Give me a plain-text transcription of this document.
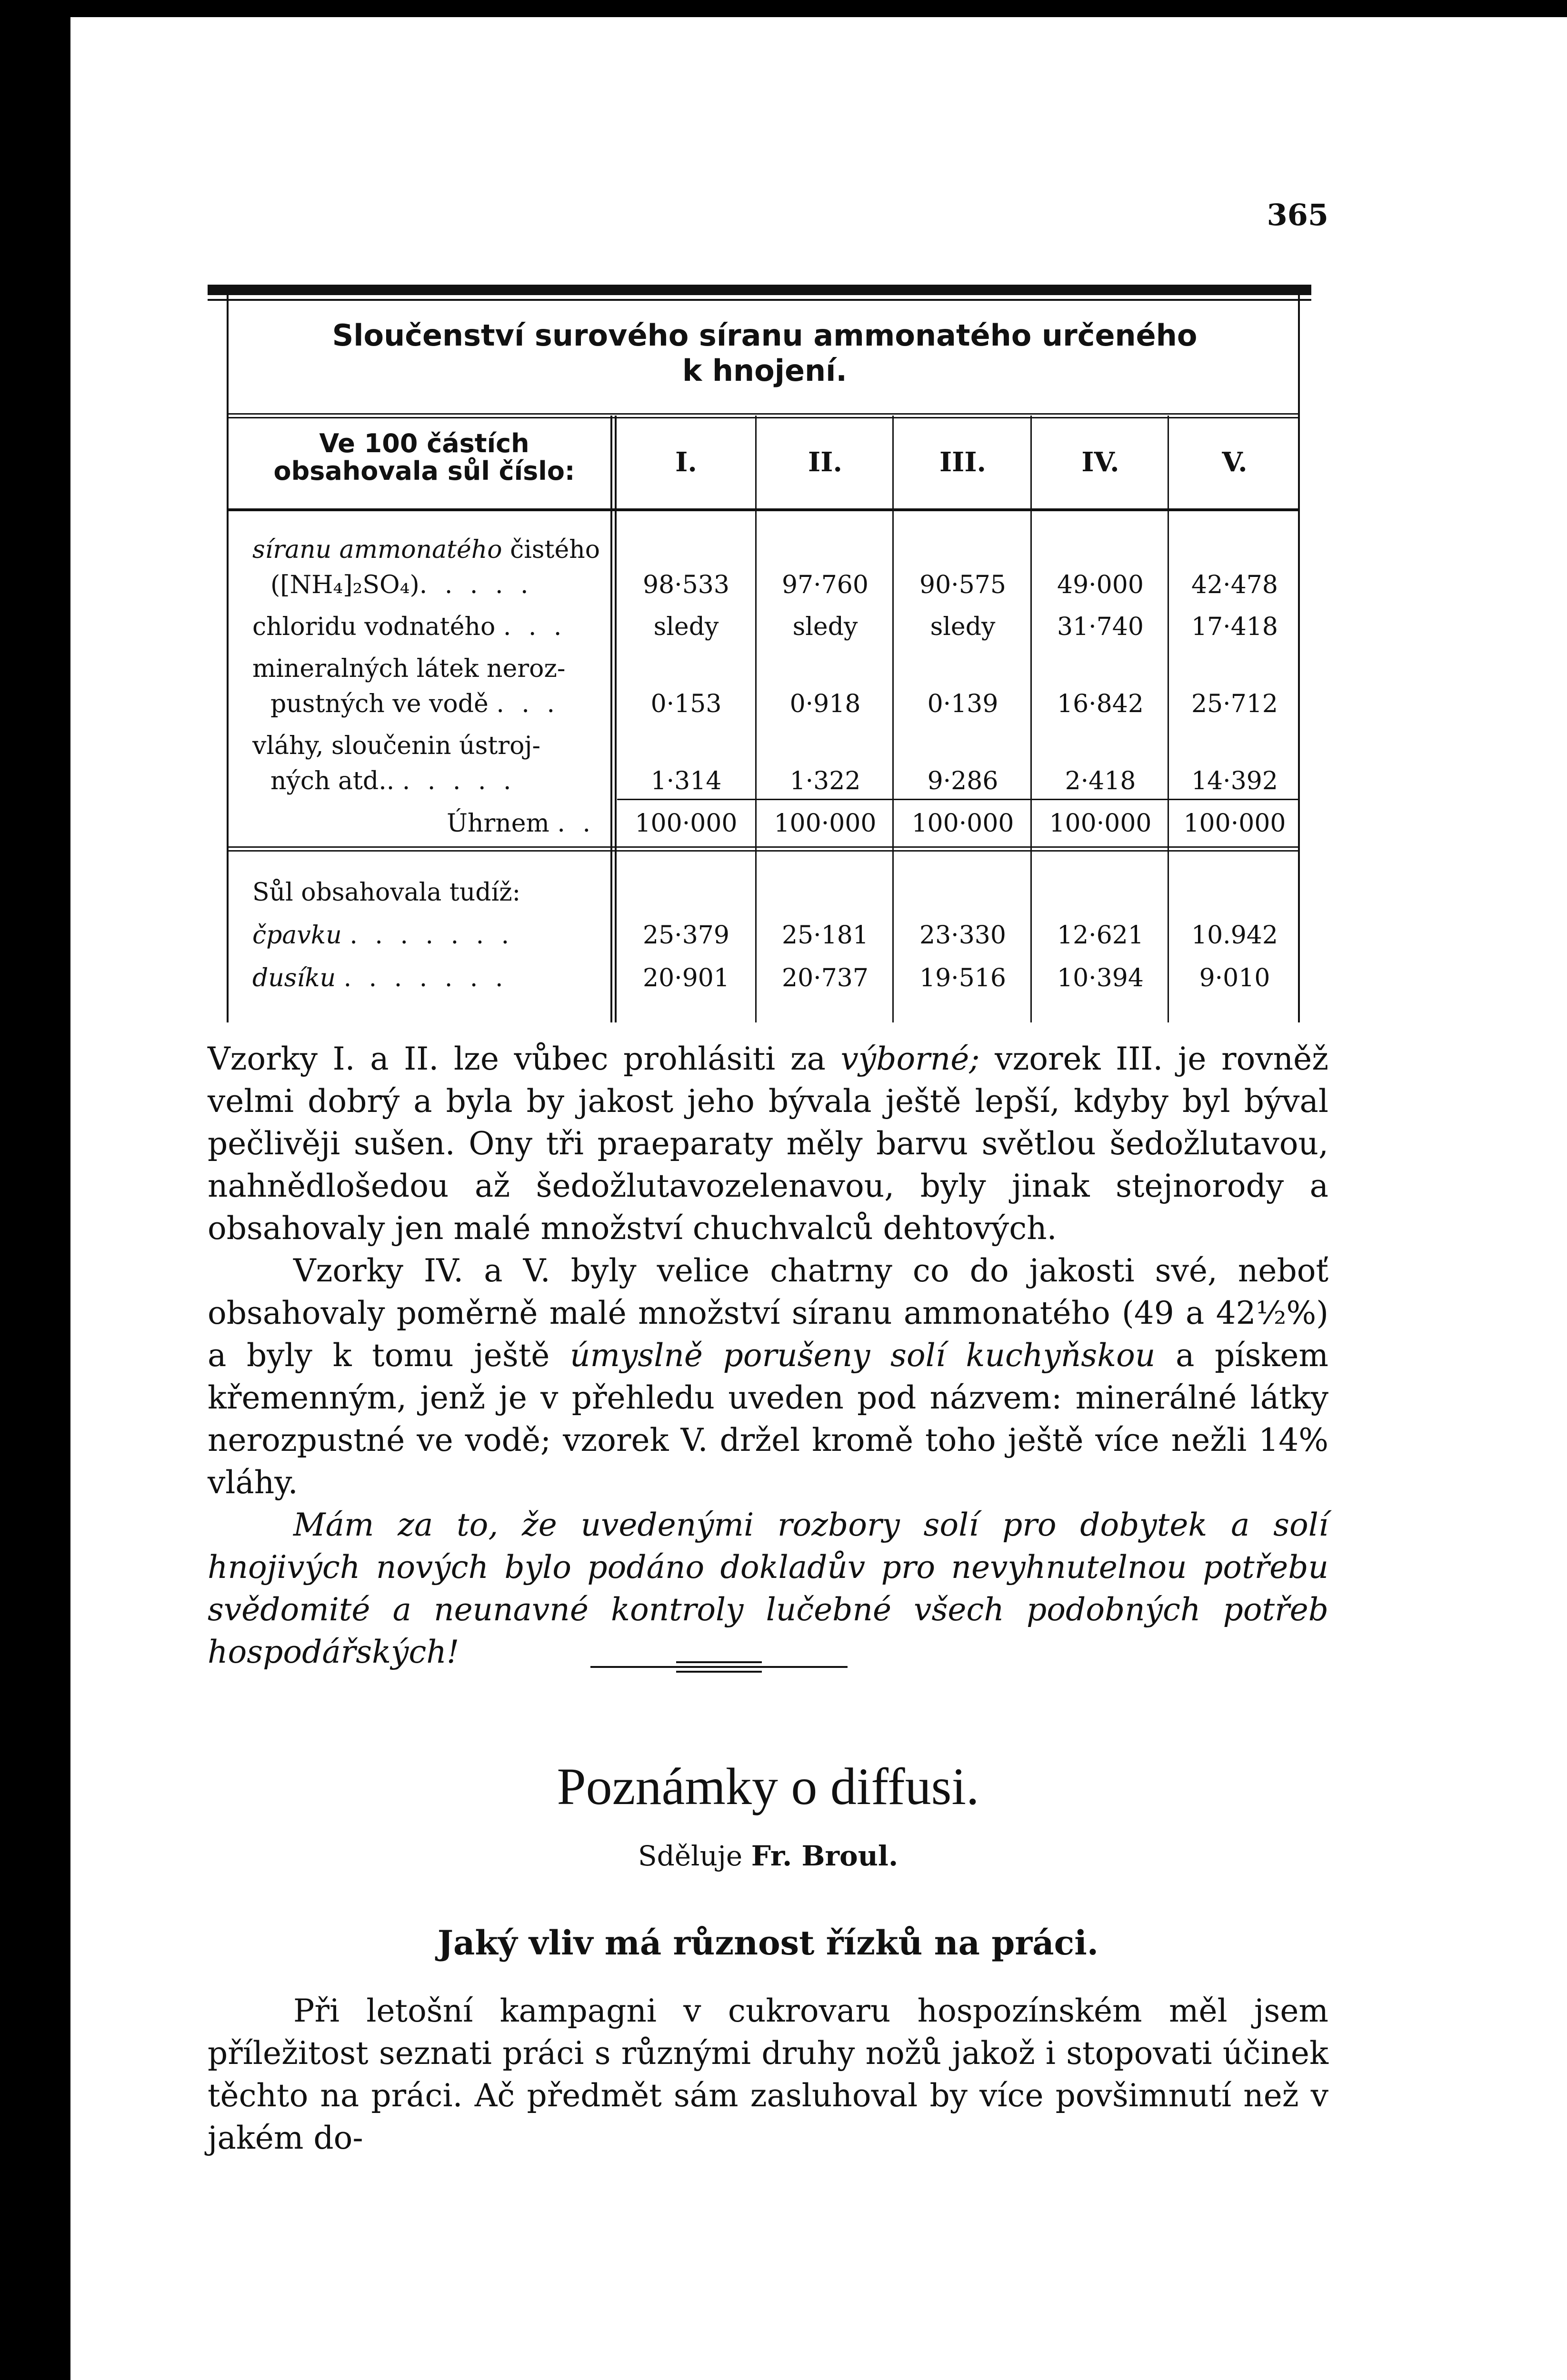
365
Sloučenství surového síranu ammonatého určeného
k hnojení.
Ve 100 částích
obsahovala sůl číslo:	I.	II.	III.	IV.	V.
síranu ammonatého čistého
([NH₄]₂SO₄). . . . .	98·533	97·760	90·575	49·000	42·478
chloridu vodnatého . . .	sledy	sledy	sledy	31·740	17·418
mineralných látek neroz-
pustných ve vodě . . .	0·153	0·918	0·139	16·842	25·712
vláhy, sloučenin ústroj-
ných atd.. . . . . .	1·314	1·322	9·286	2·418	14·392
Úhrnem . .	100·000	100·000	100·000	100·000	100·000
Sůl obsahovala tudíž:
čpavku . . . . . . .	25·379	25·181	23·330	12·621	10.942
dusíku . . . . . . .	20·901	20·737	19·516	10·394	9·010

Vzorky I. a II. lze vůbec prohlásiti za výborné; vzorek III. je rovněž velmi dobrý a byla by jakost jeho bývala ještě lepší, kdyby byl býval pečlivěji sušen. Ony tři praeparaty měly barvu světlou šedožlutavou, nahnědlošedou až šedožlutavozelenavou, byly jinak stejnorody a obsahovaly jen malé množství chuchvalců dehtových.

Vzorky IV. a V. byly velice chatrny co do jakosti své, neboť obsahovaly poměrně malé množství síranu ammonatého (49 a 42½%) a byly k tomu ještě úmyslně porušeny solí kuchyňskou a pískem křemenným, jenž je v přehledu uveden pod názvem: minerálné látky nerozpustné ve vodě; vzorek V. držel kromě toho ještě více nežli 14% vláhy.

Mám za to, že uvedenými rozbory solí pro dobytek a solí hnojivých nových bylo podáno dokladův pro nevyhnutelnou potřebu svědomité a neunavné kontroly lučebné všech podobných potřeb hospodářských!

Poznámky o diffusi.
Sděluje Fr. Broul.
Jaký vliv má různost řízků na práci.

Při letošní kampagni v cukrovaru hospozínském měl jsem příležitost seznati práci s různými druhy nožů jakož i stopovati účinek těchto na práci. Ač předmět sám zasluhoval by více povšimnutí než v jakém do-
